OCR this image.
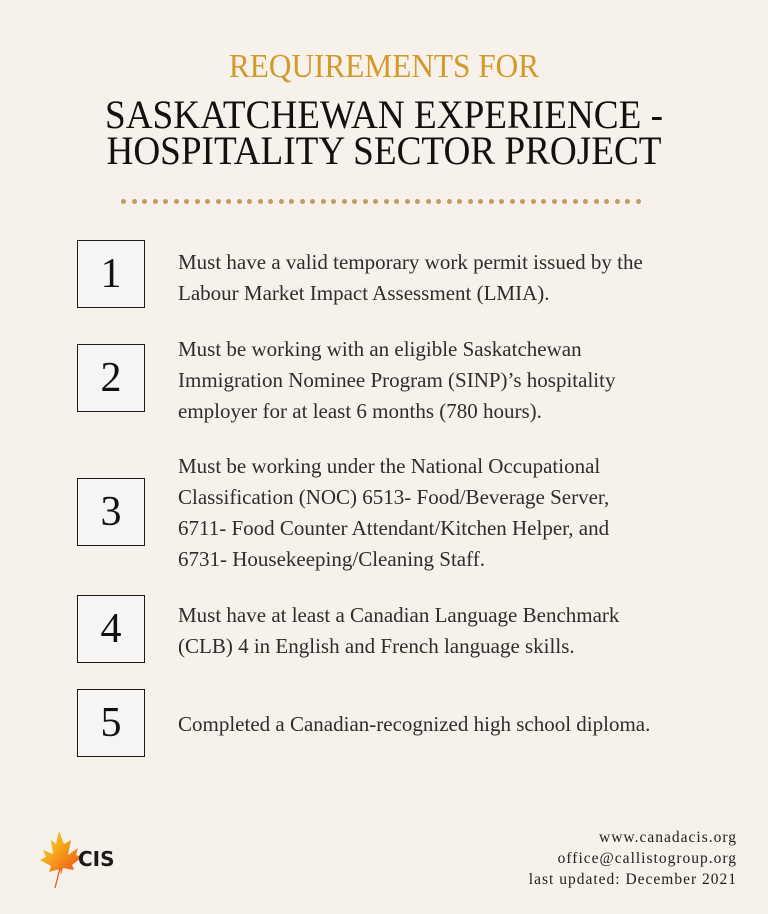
REQUIREMENTS FOR
SASKATCHEWAN EXPERIENCE -
HOSPITALITY SECTOR PROJECT
1	Must have a valid temporary work permit issued by the
Labour Market Impact Assessment (LMIA).
2
Must be working with an eligible Saskatchewan
Immigration Nominee Program (SINP)’s hospitality
employer for at least 6 months (780 hours).
3
Must be working under the National Occupational
Classification (NOC) 6513- Food/Beverage Server,
6711- Food Counter Attendant/Kitchen Helper, and
6731- Housekeeping/Cleaning Staff.
4	Must have at least a Canadian Language Benchmark
(CLB) 4 in English and French language skills.
5	Completed a Canadian-recognized high school diploma.
CIS
www.canadacis.org
office@callistogroup.org
last updated: December 2021
